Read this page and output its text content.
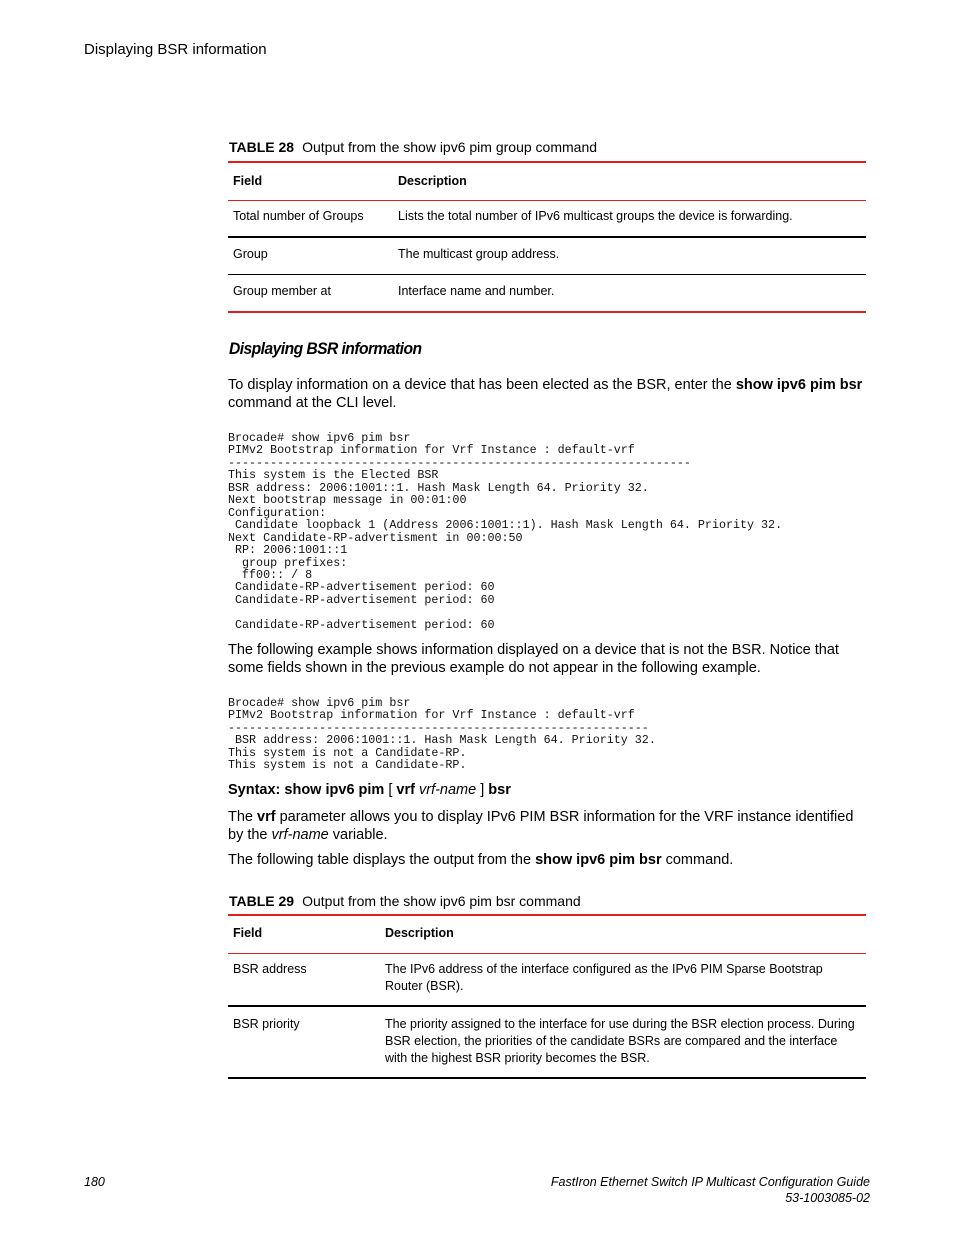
Displaying BSR information
TABLE 28 Output from the show ipv6 pim group command
Field	Description
Total number of Groups	Lists the total number of IPv6 multicast groups the device is forwarding.
Group	The multicast group address.
Group member at	Interface name and number.
Displaying BSR information
To display information on a device that has been elected as the BSR, enter the show ipv6 pim bsr command at the CLI level.
Brocade# show ipv6 pim bsr
PIMv2 Bootstrap information for Vrf Instance : default-vrf
------------------------------------------------------------------
This system is the Elected BSR
BSR address: 2006:1001::1. Hash Mask Length 64. Priority 32.
Next bootstrap message in 00:01:00
Configuration:
Candidate loopback 1 (Address 2006:1001::1). Hash Mask Length 64. Priority 32.
Next Candidate-RP-advertisment in 00:00:50
RP: 2006:1001::1
group prefixes:
ff00:: / 8
Candidate-RP-advertisement period: 60
Candidate-RP-advertisement period: 60

Candidate-RP-advertisement period: 60
The following example shows information displayed on a device that is not the BSR. Notice that some fields shown in the previous example do not appear in the following example.
Brocade# show ipv6 pim bsr
PIMv2 Bootstrap information for Vrf Instance : default-vrf
------------------------------------------------------------
BSR address: 2006:1001::1. Hash Mask Length 64. Priority 32.
This system is not a Candidate-RP.
This system is not a Candidate-RP.
Syntax: show ipv6 pim [ vrf vrf-name ] bsr
The vrf parameter allows you to display IPv6 PIM BSR information for the VRF instance identified by the vrf-name variable.
The following table displays the output from the show ipv6 pim bsr command.
TABLE 29 Output from the show ipv6 pim bsr command
Field	Description
BSR address	The IPv6 address of the interface configured as the IPv6 PIM Sparse Bootstrap Router (BSR).
BSR priority	The priority assigned to the interface for use during the BSR election process. During BSR election, the priorities of the candidate BSRs are compared and the interface with the highest BSR priority becomes the BSR.
180	FastIron Ethernet Switch IP Multicast Configuration Guide
53-1003085-02
